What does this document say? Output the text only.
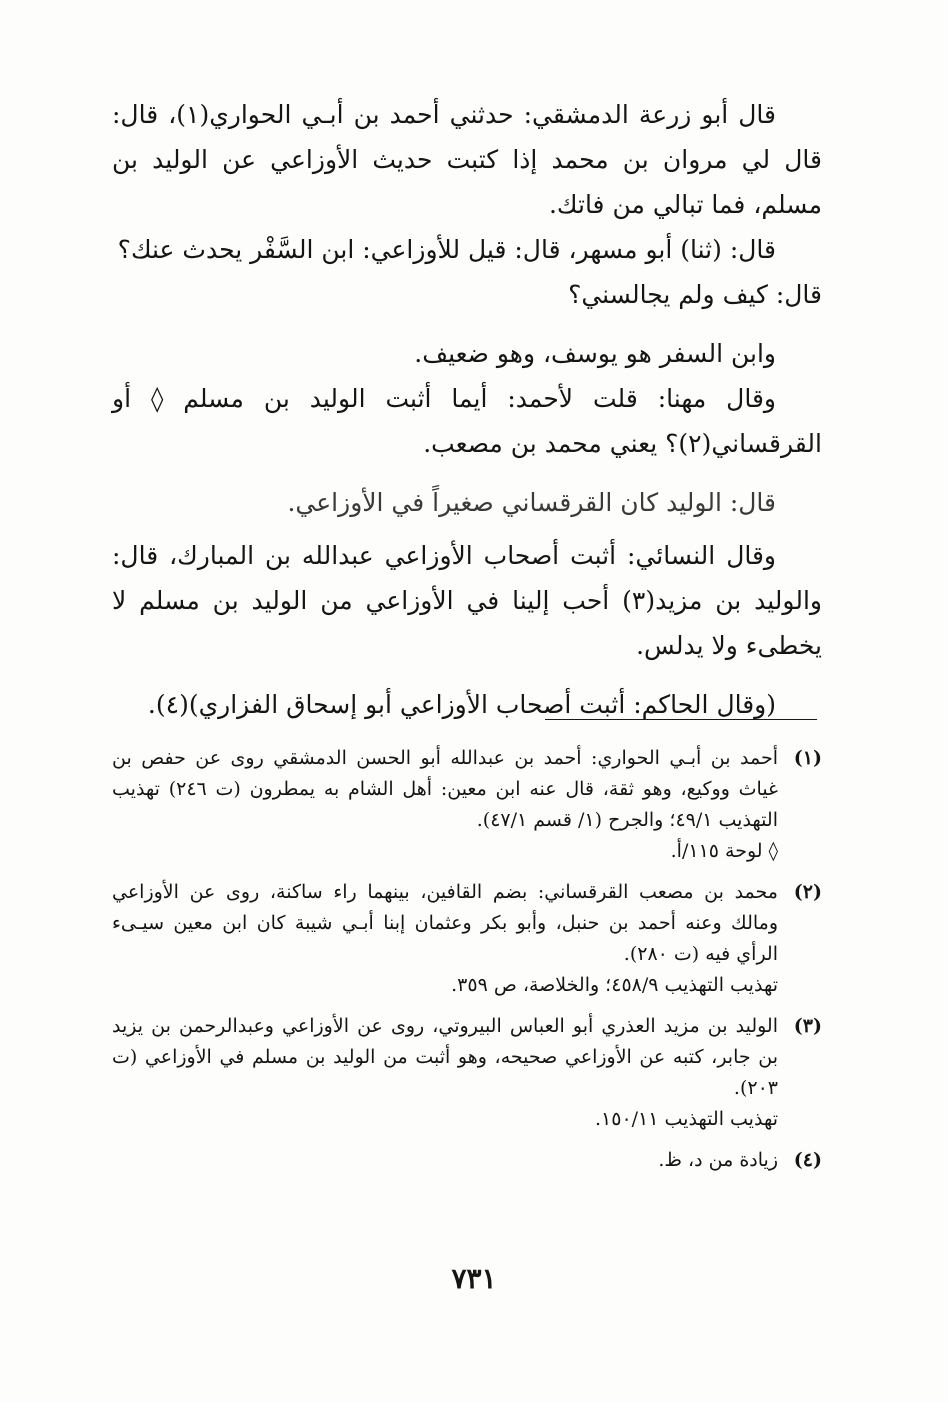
قال أبو زرعة الدمشقي: حدثني أحمد بن أبـي الحواري(١)، قال: قال لي مروان بن محمد إذا كتبت حديث الأوزاعي عن الوليد بن مسلم، فما تبالي من فاتك.

قال: (ثنا) أبو مسهر، قال: قيل للأوزاعي: ابن السَّفْر يحدث عنك؟

قال: كيف ولم يجالسني؟

وابن السفر هو يوسف، وهو ضعيف.

وقال مهنا: قلت لأحمد: أيما أثبت الوليد بن مسلم ◊ أو القرقساني(٢)؟ يعني محمد بن مصعب.

قال: الوليد كان القرقساني صغيراً في الأوزاعي.

وقال النسائي: أثبت أصحاب الأوزاعي عبدالله بن المبارك، قال: والوليد بن مزيد(٣) أحب إلينا في الأوزاعي من الوليد بن مسلم لا يخطىء ولا يدلس.

(وقال الحاكم: أثبت أصحاب الأوزاعي أبو إسحاق الفزاري)(٤).

(١)

أحمد بن أبـي الحواري: أحمد بن عبدالله أبو الحسن الدمشقي روى عن حفص بن غياث ووكيع، وهو ثقة، قال عنه ابن معين: أهل الشام به يمطرون (ت ٢٤٦) تهذيب التهذيب ٤٩/١؛ والجرح (١/ قسم ٤٧/١).

◊ لوحة ١١٥/أ.

(٢)

محمد بن مصعب القرقساني: بضم القافين، بينهما راء ساكنة، روى عن الأوزاعي ومالك وعنه أحمد بن حنبل، وأبو بكر وعثمان إبنا أبـي شيبة كان ابن معين سيـىء الرأي فيه (ت ٢٨٠).

تهذيب التهذيب ٤٥٨/٩؛ والخلاصة، ص ٣٥٩.

(٣)

الوليد بن مزيد العذري أبو العباس البيروتي، روى عن الأوزاعي وعبدالرحمن بن يزيد بن جابر، كتبه عن الأوزاعي صحيحه، وهو أثبت من الوليد بن مسلم في الأوزاعي (ت ٢٠٣).

تهذيب التهذيب ١٥٠/١١.

(٤)

زيادة من د، ظ.

٧٣١
